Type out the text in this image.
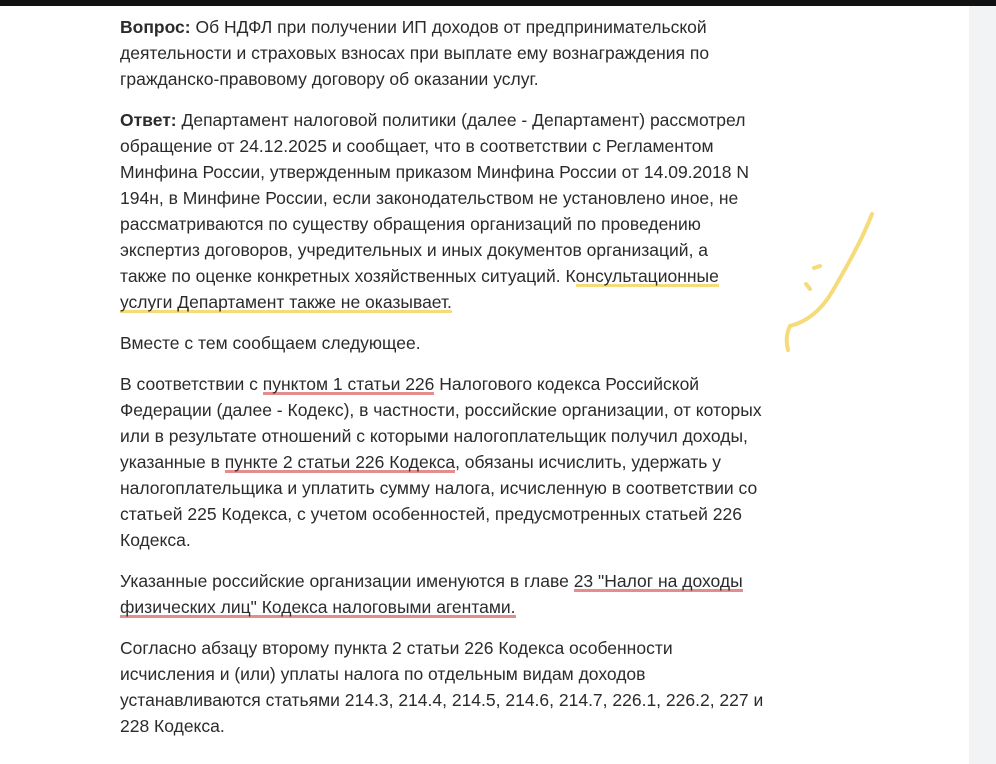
Вопрос: Об НДФЛ при получении ИП доходов от предпринимательской
деятельности и страховых взносах при выплате ему вознаграждения по
гражданско-правовому договору об оказании услуг.
Ответ: Департамент налоговой политики (далее - Департамент) рассмотрел
обращение от 24.12.2025 и сообщает, что в соответствии с Регламентом
Минфина России, утвержденным приказом Минфина России от 14.09.2018 N
194н, в Минфине России, если законодательством не установлено иное, не
рассматриваются по существу обращения организаций по проведению
экспертиз договоров, учредительных и иных документов организаций, а
также по оценке конкретных хозяйственных ситуаций. Консультационные
услуги Департамент также не оказывает.
Вместе с тем сообщаем следующее.
В соответствии с пунктом 1 статьи 226 Налогового кодекса Российской
Федерации (далее - Кодекс), в частности, российские организации, от которых
или в результате отношений с которыми налогоплательщик получил доходы,
указанные в пункте 2 статьи 226 Кодекса, обязаны исчислить, удержать у
налогоплательщика и уплатить сумму налога, исчисленную в соответствии со
статьей 225 Кодекса, с учетом особенностей, предусмотренных статьей 226
Кодекса.
Указанные российские организации именуются в главе 23 "Налог на доходы
физических лиц" Кодекса налоговыми агентами.
Согласно абзацу второму пункта 2 статьи 226 Кодекса особенности
исчисления и (или) уплаты налога по отдельным видам доходов
устанавливаются статьями 214.3, 214.4, 214.5, 214.6, 214.7, 226.1, 226.2, 227 и
228 Кодекса.
